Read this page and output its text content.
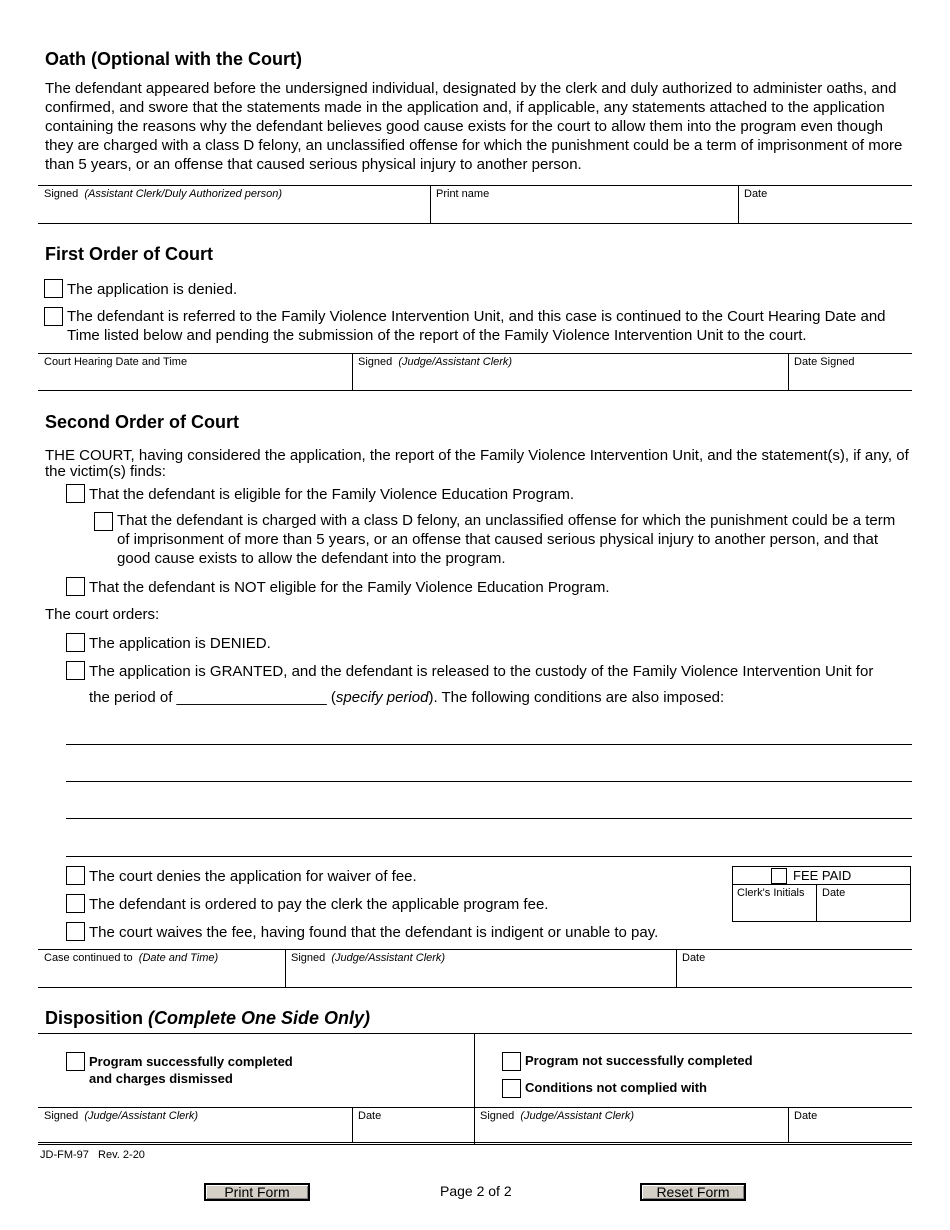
Oath (Optional with the Court)
The defendant appeared before the undersigned individual, designated by the clerk and duly authorized to administer oaths, and confirmed, and swore that the statements made in the application and, if applicable, any statements attached to the application containing the reasons why the defendant believes good cause exists for the court to allow them into the program even though they are charged with a class D felony, an unclassified offense for which the punishment could be a term of imprisonment of more than 5 years, or an offense that caused serious physical injury to another person.
Signed (Assistant Clerk/Duly Authorized person)	Print name	Date
First Order of Court
The application is denied.
The defendant is referred to the Family Violence Intervention Unit, and this case is continued to the Court Hearing Date and Time listed below and pending the submission of the report of the Family Violence Intervention Unit to the court.
Court Hearing Date and Time	Signed (Judge/Assistant Clerk)	Date Signed
Second Order of Court
THE COURT, having considered the application, the report of the Family Violence Intervention Unit, and the statement(s), if any, of the victim(s) finds:
That the defendant is eligible for the Family Violence Education Program.
That the defendant is charged with a class D felony, an unclassified offense for which the punishment could be a term of imprisonment of more than 5 years, or an offense that caused serious physical injury to another person, and that good cause exists to allow the defendant into the program.
That the defendant is NOT eligible for the Family Violence Education Program.
The court orders:
The application is DENIED.
The application is GRANTED, and the defendant is released to the custody of the Family Violence Intervention Unit for
the period of __________________ (specify period). The following conditions are also imposed:
The court denies the application for waiver of fee.
The defendant is ordered to pay the clerk the applicable program fee.
The court waives the fee, having found that the defendant is indigent or unable to pay.
FEE PAID
Clerk's Initials Date
Case continued to (Date and Time)	Signed (Judge/Assistant Clerk)	Date
Disposition (Complete One Side Only)
Program successfully completed
and charges dismissed
Program not successfully completed
Conditions not complied with
Signed (Judge/Assistant Clerk)	Date	Signed (Judge/Assistant Clerk)	Date
JD-FM-97   Rev. 2-20
Print Form	Page 2 of 2	Reset Form
